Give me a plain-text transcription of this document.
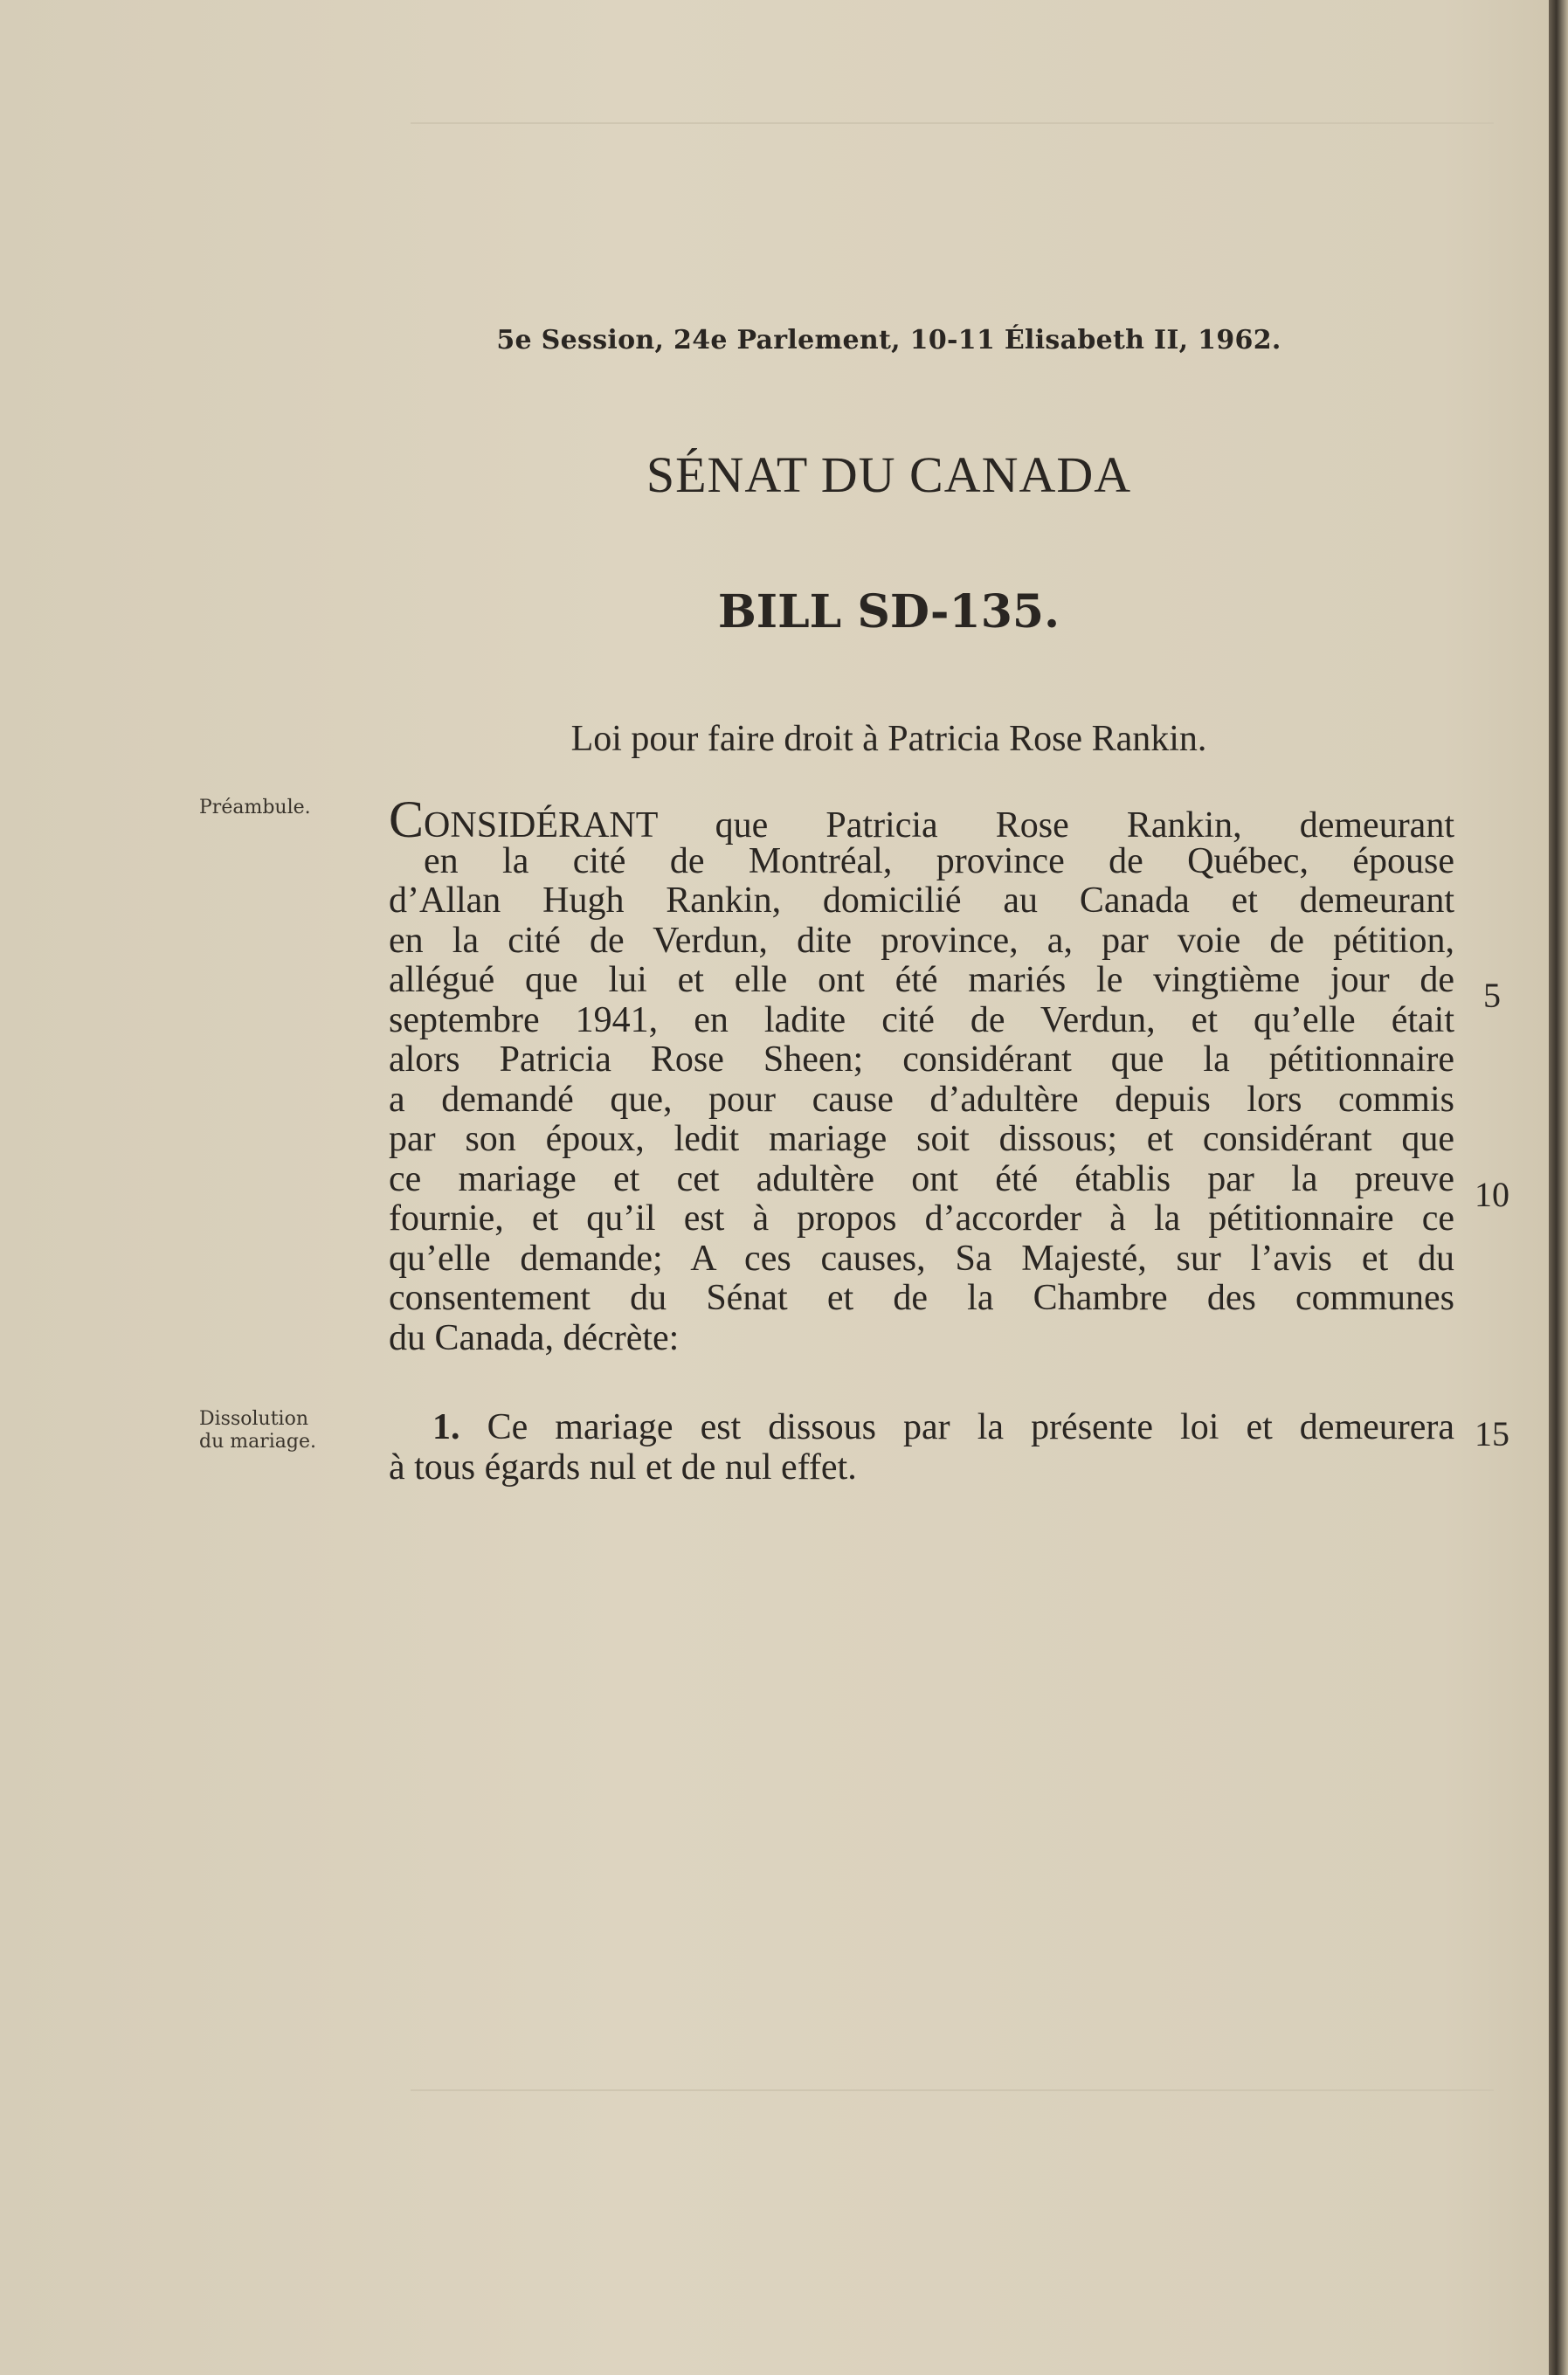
5e Session, 24e Parlement, 10-11 Élisabeth II, 1962.
SÉNAT DU CANADA
BILL SD-135.
Loi pour faire droit à Patricia Rose Rankin.
Préambule.	CONSIDÉRANT que Patricia Rose Rankin, demeurant
en la cité de Montréal, province de Québec, épouse
d’Allan Hugh Rankin, domicilié au Canada et demeurant
en la cité de Verdun, dite province, a, par voie de pétition,
allégué que lui et elle ont été mariés le vingtième jour de
septembre 1941, en ladite cité de Verdun, et qu’elle était
alors Patricia Rose Sheen; considérant que la pétitionnaire
a demandé que, pour cause d’adultère depuis lors commis
par son époux, ledit mariage soit dissous; et considérant que
ce mariage et cet adultère ont été établis par la preuve
fournie, et qu’il est à propos d’accorder à la pétitionnaire ce
qu’elle demande; A ces causes, Sa Majesté, sur l’avis et du
consentement du Sénat et de la Chambre des communes
du Canada, décrète:
5
10
15
Dissolution
du mariage.	1. Ce mariage est dissous par la présente loi et demeurera
à tous égards nul et de nul effet.
